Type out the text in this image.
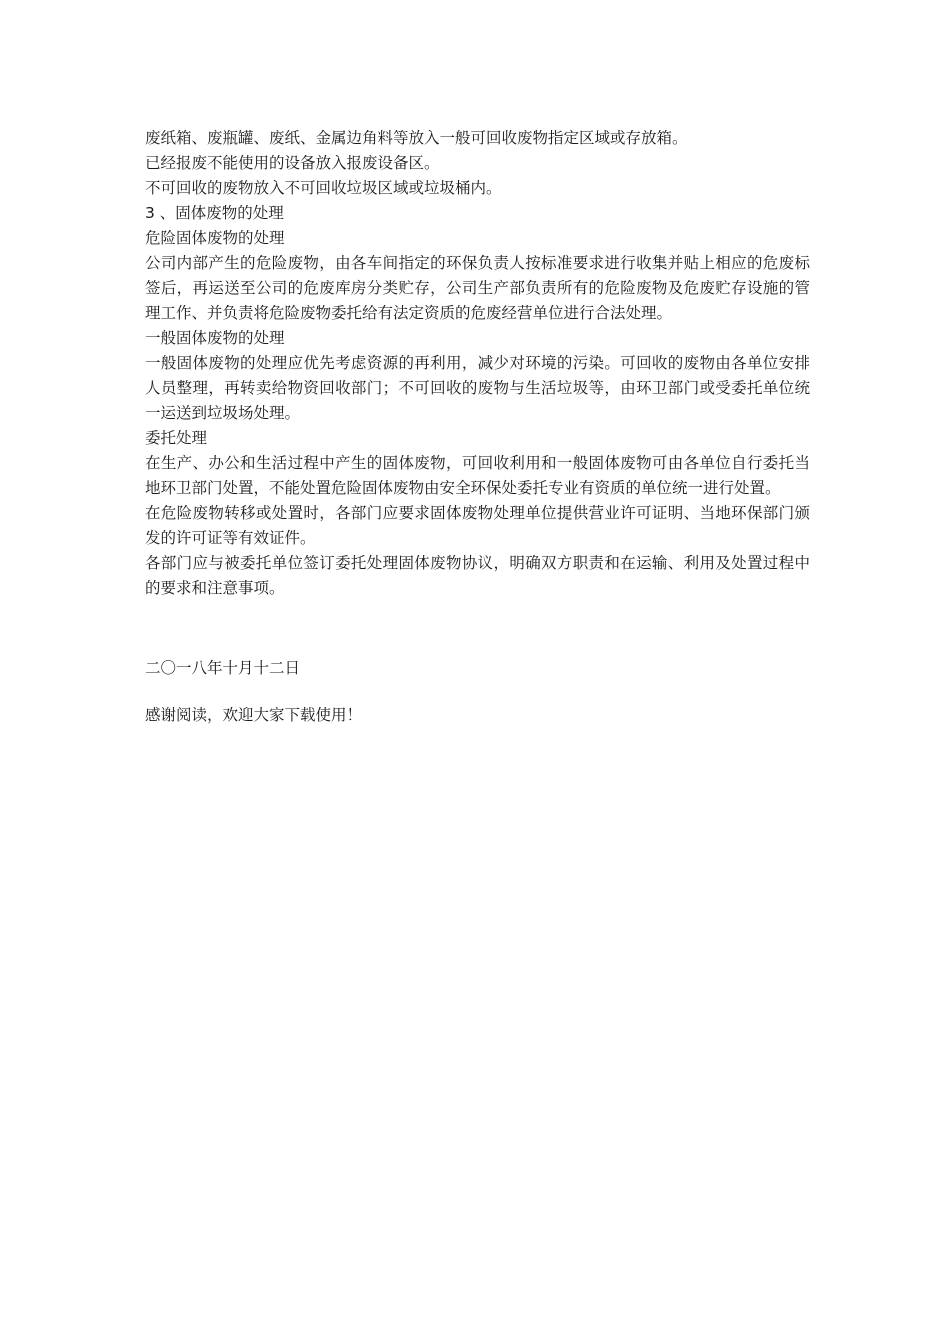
废纸箱、废瓶罐、废纸、金属边角料等放入一般可回收废物指定区域或存放箱。

已经报废不能使用的设备放入报废设备区。

不可回收的废物放入不可回收垃圾区域或垃圾桶内。

3 、固体废物的处理

危险固体废物的处理

公司内部产生的危险废物，由各车间指定的环保负责人按标准要求进行收集并贴上相应的危废标签后，再运送至公司的危废库房分类贮存，公司生产部负责所有的危险废物及危废贮存设施的管理工作、并负责将危险废物委托给有法定资质的危废经营单位进行合法处理。

一般固体废物的处理

一般固体废物的处理应优先考虑资源的再利用，减少对环境的污染。可回收的废物由各单位安排人员整理，再转卖给物资回收部门；不可回收的废物与生活垃圾等，由环卫部门或受委托单位统一运送到垃圾场处理。

委托处理

在生产、办公和生活过程中产生的固体废物，可回收利用和一般固体废物可由各单位自行委托当地环卫部门处置，不能处置危险固体废物由安全环保处委托专业有资质的单位统一进行处置。

在危险废物转移或处置时，各部门应要求固体废物处理单位提供营业许可证明、当地环保部门颁发的许可证等有效证件。

各部门应与被委托单位签订委托处理固体废物协议，明确双方职责和在运输、利用及处置过程中的要求和注意事项。

二〇一八年十月十二日

感谢阅读，欢迎大家下载使用！
